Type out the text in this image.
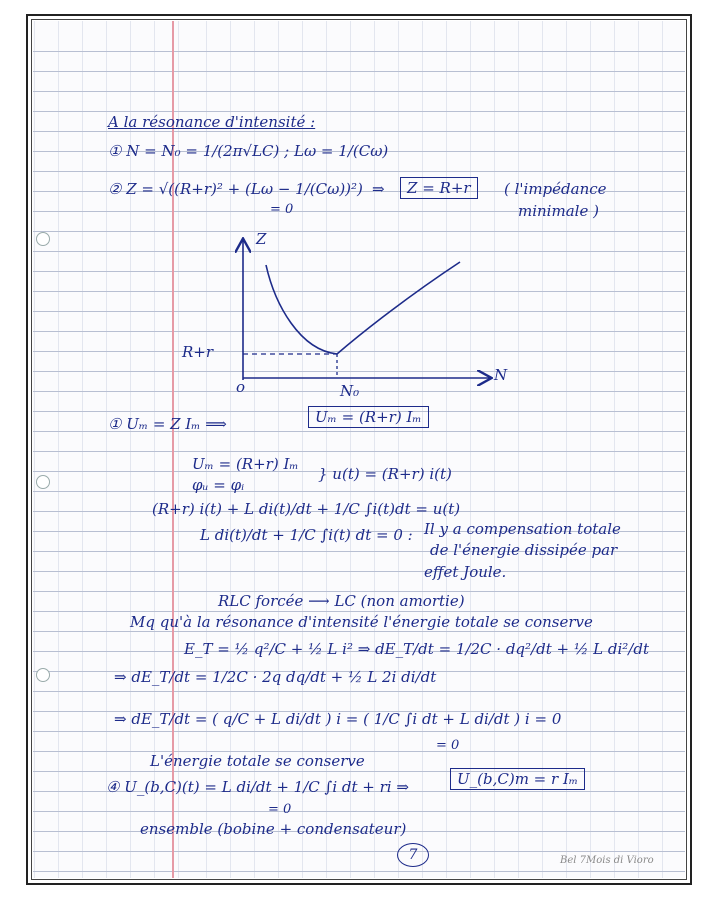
A la résonance d'intensité :
① N = N₀ = 1/(2π√LC) ; Lω = 1/(Cω)
② Z = √((R+r)² + (Lω − 1/(Cω))²)
= 0
⇒	Z = R+r	( l'impédance
minimale )
Z
N
R+r
o	N₀
① Uₘ = Z Iₘ ⟹	Uₘ = (R+r) Iₘ
Uₘ = (R+r) Iₘ
φᵤ = φᵢ
} u(t) = (R+r) i(t)
(R+r) i(t) + L di(t)/dt + 1/C ∫i(t)dt = u(t)
L di(t)/dt + 1/C ∫i(t) dt = 0 : Il y a compensation totale
de l'énergie dissipée par
effet Joule.
RLC forcée ⟶ LC (non amortie)
Mq qu'à la résonance d'intensité l'énergie totale se conserve
E_T = ½ q²/C + ½ L i² ⇒ dE_T/dt = 1/2C · dq²/dt + ½ L di²/dt
⇒ dE_T/dt = 1/2C · 2q dq/dt + ½ L 2i di/dt
⇒ dE_T/dt = ( q/C + L di/dt ) i = ( 1/C ∫i dt + L di/dt ) i = 0
= 0
L'énergie totale se conserve
④ U_(b,C)(t) = L di/dt + 1/C ∫i dt + ri ⇒	U_(b,C)m = r Iₘ
= 0
ensemble (bobine + condensateur)
7	Bel 7Mois di Vioro
